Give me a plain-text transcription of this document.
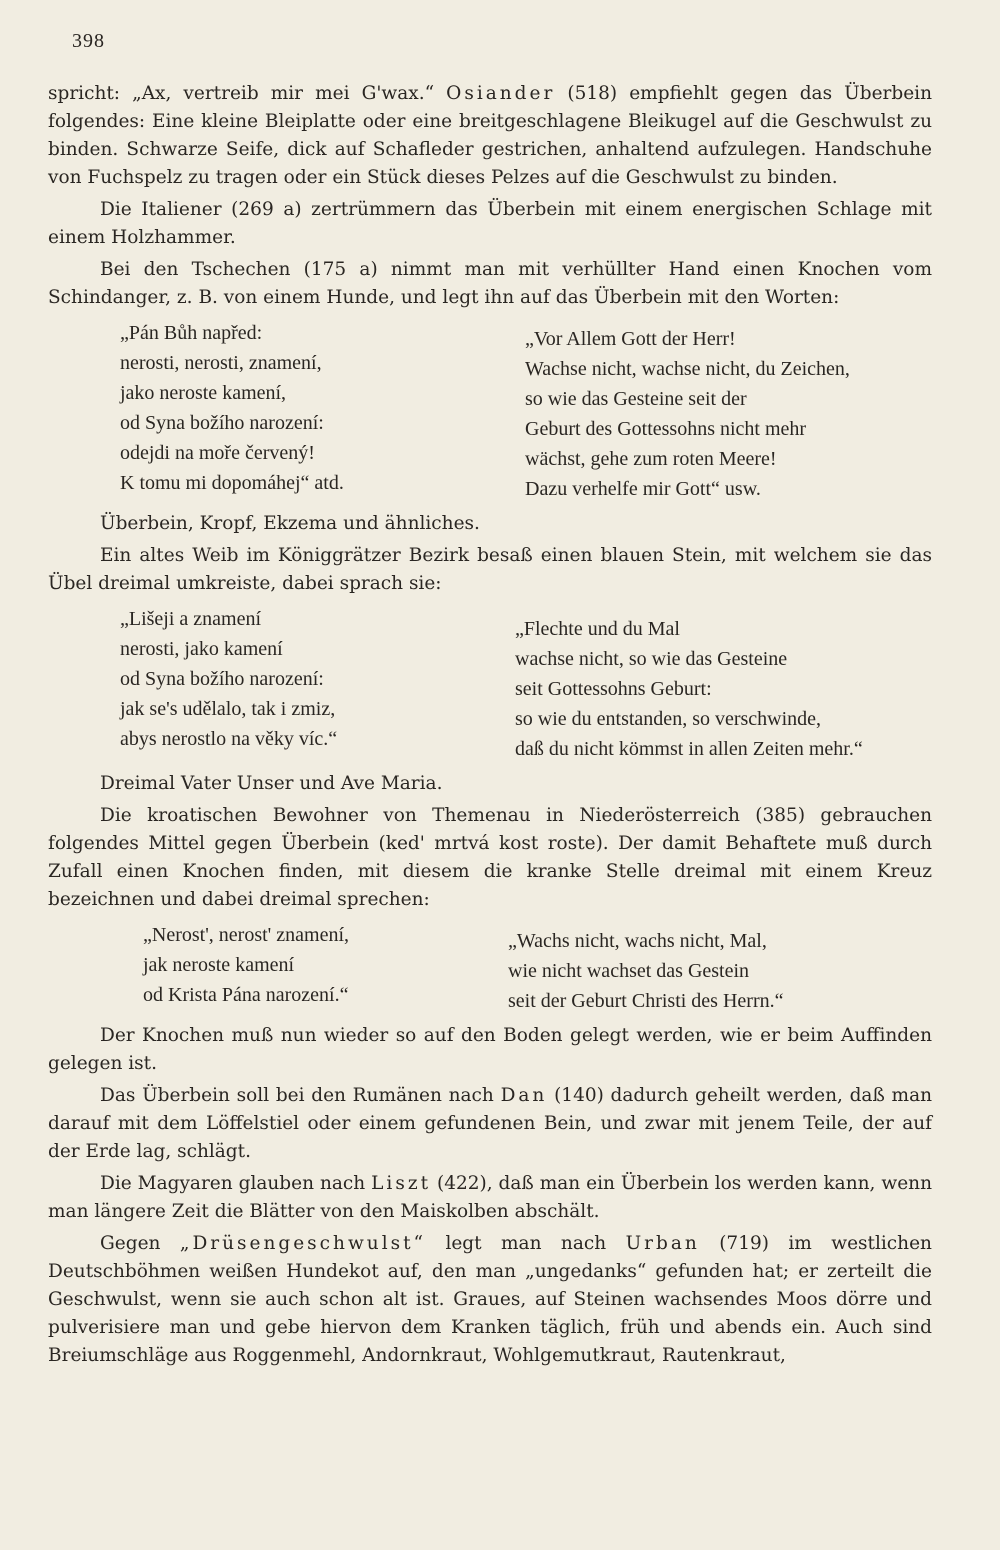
398

spricht: „Ax, vertreib mir mei G'wax.“ Osiander (518) empfiehlt gegen das Überbein folgendes: Eine kleine Bleiplatte oder eine breitgeschlagene Bleikugel auf die Geschwulst zu binden. Schwarze Seife, dick auf Schafleder gestrichen, anhaltend aufzulegen. Handschuhe von Fuchspelz zu tragen oder ein Stück dieses Pelzes auf die Geschwulst zu binden.

Die Italiener (269 a) zertrümmern das Überbein mit einem energischen Schlage mit einem Holzhammer.

Bei den Tschechen (175 a) nimmt man mit verhüllter Hand einen Knochen vom Schindanger, z. B. von einem Hunde, und legt ihn auf das Überbein mit den Worten:

„Pán Bůh napřed:
nerosti, nerosti, znamení,
jako neroste kamení,
od Syna božího narození:
odejdi na moře červený!
K tomu mi dopomáhej“ atd.
„Vor Allem Gott der Herr!
Wachse nicht, wachse nicht, du Zeichen,
so wie das Gesteine seit der
Geburt des Gottessohns nicht mehr
wächst, gehe zum roten Meere!
Dazu verhelfe mir Gott“ usw.

Überbein, Kropf, Ekzema und ähnliches.

Ein altes Weib im Königgrätzer Bezirk besaß einen blauen Stein, mit welchem sie das Übel dreimal umkreiste, dabei sprach sie:

„Lišeji a znamení
nerosti, jako kamení
od Syna božího narození:
jak se's udělalo, tak i zmiz,
abys nerostlo na věky víc.“
„Flechte und du Mal
wachse nicht, so wie das Gesteine
seit Gottessohns Geburt:
so wie du entstanden, so verschwinde,
daß du nicht kömmst in allen Zeiten mehr.“

Dreimal Vater Unser und Ave Maria.

Die kroatischen Bewohner von Themenau in Niederösterreich (385) gebrauchen folgendes Mittel gegen Überbein (ked' mrtvá kost roste). Der damit Behaftete muß durch Zufall einen Knochen finden, mit diesem die kranke Stelle dreimal mit einem Kreuz bezeichnen und dabei dreimal sprechen:

„Nerost', nerost' znamení,
jak neroste kamení
od Krista Pána narození.“
„Wachs nicht, wachs nicht, Mal,
wie nicht wachset das Gestein
seit der Geburt Christi des Herrn.“

Der Knochen muß nun wieder so auf den Boden gelegt werden, wie er beim Auffinden gelegen ist.

Das Überbein soll bei den Rumänen nach Dan (140) dadurch geheilt werden, daß man darauf mit dem Löffelstiel oder einem gefundenen Bein, und zwar mit jenem Teile, der auf der Erde lag, schlägt.

Die Magyaren glauben nach Liszt (422), daß man ein Überbein los werden kann, wenn man längere Zeit die Blätter von den Maiskolben abschält.

Gegen „Drüsengeschwulst“ legt man nach Urban (719) im westlichen Deutschböhmen weißen Hundekot auf, den man „ungedanks“ gefunden hat; er zerteilt die Geschwulst, wenn sie auch schon alt ist. Graues, auf Steinen wachsendes Moos dörre und pulverisiere man und gebe hiervon dem Kranken täglich, früh und abends ein. Auch sind Breiumschläge aus Roggenmehl, Andornkraut, Wohlgemutkraut, Rautenkraut,
